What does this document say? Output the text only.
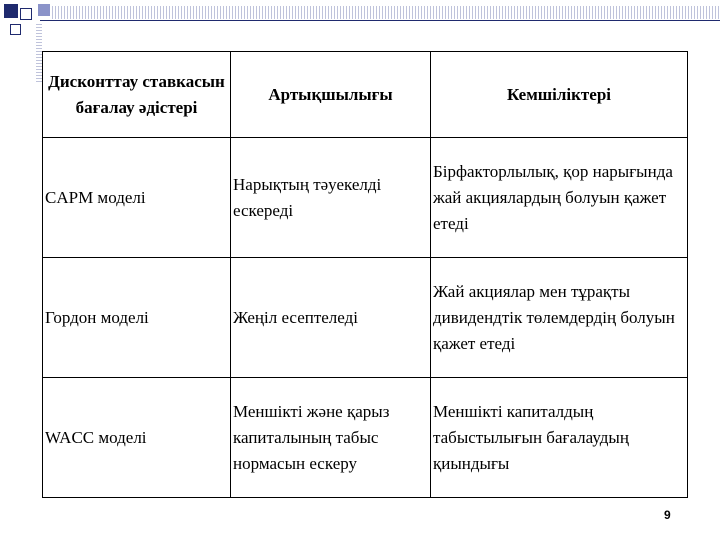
Дисконттау ставкасын бағалау әдістері	Артықшылығы	Кемшіліктері
CAPM моделі	Нарықтың тәуекелді ескереді	Бірфакторлылық, қор нарығында жай акциялардың болуын қажет етеді
Гордон моделі	Жеңіл есептеледі	Жай акциялар мен тұрақты дивидендтік төлемдердің болуын қажет етеді
WACC моделі	Меншікті және қарыз капиталының табыс нормасын ескеру	Меншікті капиталдың табыстылығын бағалаудың қиындығы
9
